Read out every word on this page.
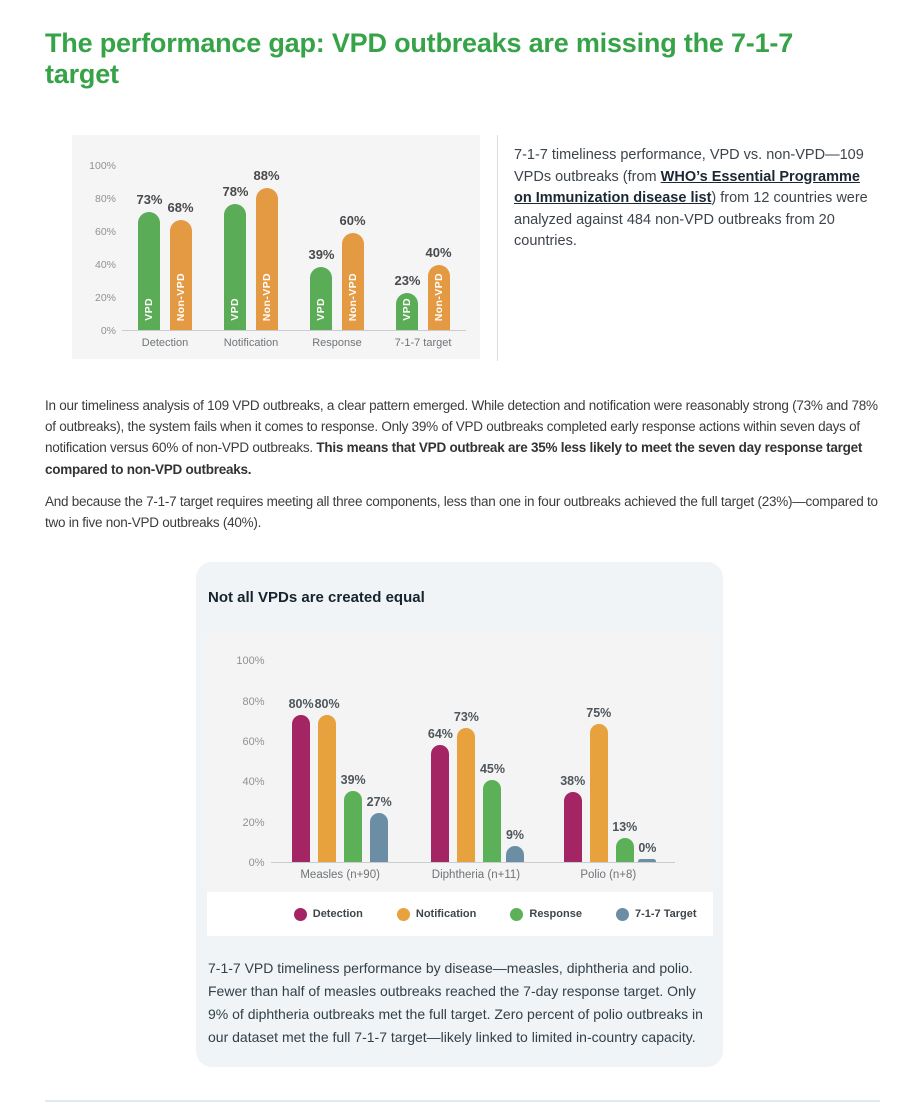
The performance gap: VPD outbreaks are missing the 7-1-7 target
0%
20%
40%
60%
80%
100%
73%
VPD
68%
Non-VPD
Detection
78%
VPD
88%
Non-VPD
Notification
39%
VPD
60%
Non-VPD
Response
23%
VPD
40%
Non-VPD
7-1-7 target
7-1-7 timeliness performance, VPD vs. non-VPD—109 VPDs outbreaks (from WHO’s Essential Programme on Immunization disease list) from 12 countries were analyzed against 484 non-VPD outbreaks from 20 countries.

In our timeliness analysis of 109 VPD outbreaks, a clear pattern emerged. While detection and notification were reasonably strong (73% and 78% of outbreaks), the system fails when it comes to response. Only 39% of VPD outbreaks completed early response actions within seven days of notification versus 60% of non-VPD outbreaks. This means that VPD outbreak are 35% less likely to meet the seven day response target compared to non-VPD outbreaks.

And because the 7-1-7 target requires meeting all three components, less than one in four outbreaks achieved the full target (23%)—compared to two in five non-VPD outbreaks (40%).

Not all VPDs are created equal
0%
20%
40%
60%
80%
100%
80% 80%
39%
27%
Measles (n+90)
64%
73%
45%
9%
Diphtheria (n+11)
38%
75%
13%
0%
Polio (n+8)
Detection	Notification	Response	7-1-7 Target
7-1-7 VPD timeliness performance by disease—measles, diphtheria and polio. Fewer than half of measles outbreaks reached the 7-day response target. Only 9% of diphtheria outbreaks met the full target. Zero percent of polio outbreaks in our dataset met the full 7-1-7 target—likely linked to limited in-country capacity.
